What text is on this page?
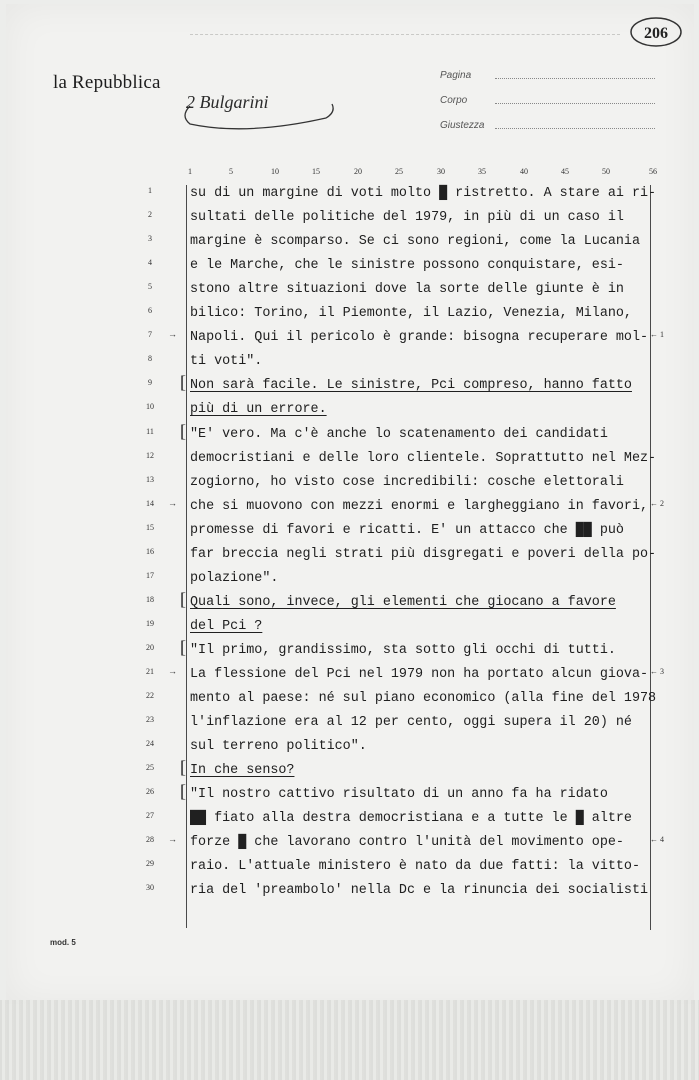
la Repubblica
2 Bulgarini
206
Pagina
Corpo
Giustezza
1	5	10	15	20	25	30	35	40	45	50	56
1	su di un margine di voti molto █ ristretto. A stare ai ri-
2	sultati delle politiche del 1979, in più di un caso il
3	margine è scomparso. Se ci sono regioni, come la Lucania
4	e le Marche, che le sinistre possono conquistare, esi-
5	stono altre situazioni dove la sorte delle giunte è in
6	bilico: Torino, il Piemonte, il Lazio, Venezia, Milano,
7	→ Napoli. Qui il pericolo è grande: bisogna recuperare mol- ← 1
8	ti voti".
9	[ Non sarà facile. Le sinistre, Pci compreso, hanno fatto
10	più di un errore.
11	[ "E' vero. Ma c'è anche lo scatenamento dei candidati
12	democristiani e delle loro clientele. Soprattutto nel Mez-
13	zogiorno, ho visto cose incredibili: cosche elettorali
14	→ che si muovono con mezzi enormi e largheggiano in favori, ← 2
15	promesse di favori e ricatti. E' un attacco che ██ può
16	far breccia negli strati più disgregati e poveri della po-
17	polazione".
18	[ Quali sono, invece, gli elementi che giocano a favore
19	del Pci ?
20	[ "Il primo, grandissimo, sta sotto gli occhi di tutti.
21	→ La flessione del Pci nel 1979 non ha portato alcun giova- ← 3
22	mento al paese: né sul piano economico (alla fine del 1978
23	l'inflazione era al 12 per cento, oggi supera il 20) né
24	sul terreno politico".
25	[ In che senso?
26	[ "Il nostro cattivo risultato di un anno fa ha ridato
27	██ fiato alla destra democristiana e a tutte le █ altre
28	→ forze █ che lavorano contro l'unità del movimento ope-	← 4
29	raio. L'attuale ministero è nato da due fatti: la vitto-
30	ria del 'preambolo' nella Dc e la rinuncia dei socialisti
mod. 5
